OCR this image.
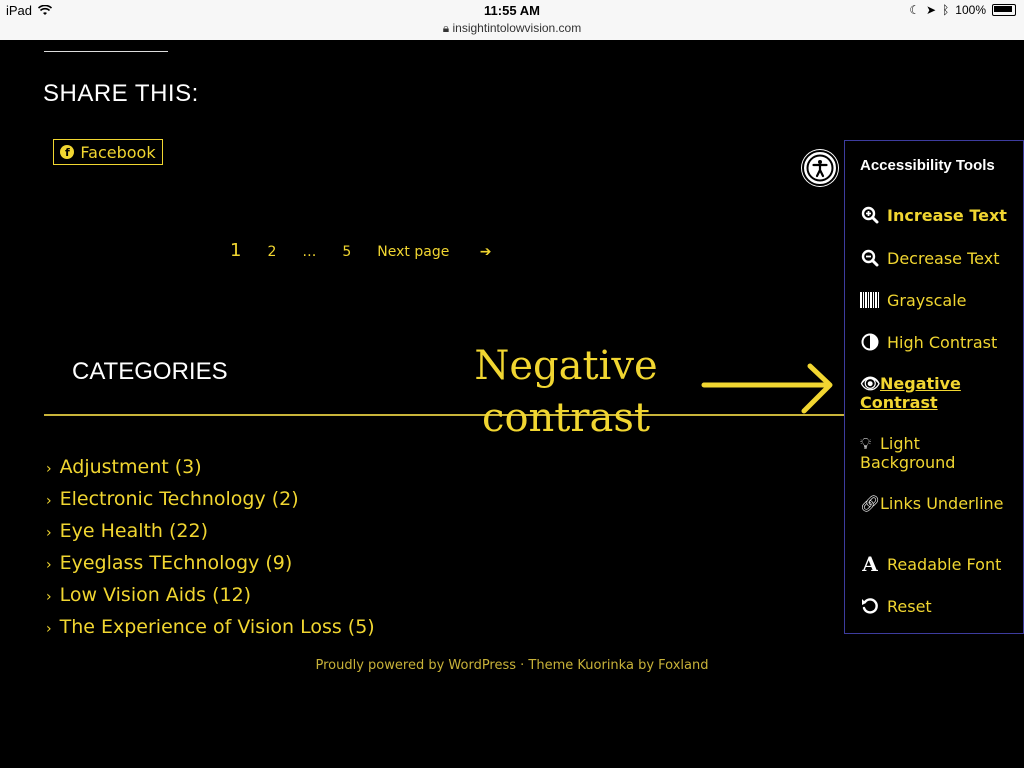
iPad	11:55 AM
🔒︎ insightintolowvision.com
☾ ➤ ᛒ 100%
SHARE THIS:
f Facebook
1 2 … 5 Next page ➔
CATEGORIES
› Adjustment (3)
› Electronic Technology (2)
› Eye Health (22)
› Eyeglass TEchnology (9)
› Low Vision Aids (12)
› The Experience of Vision Loss (5)
Proudly powered by WordPress · Theme Kuorinka by Foxland
Negative
contrast
Accessibility Tools
Increase Text
Decrease Text
Grayscale
High Contrast
👁︎Negative Contrast
💡︎ Light Background
🔗︎Links Underline
A Readable Font
Reset
